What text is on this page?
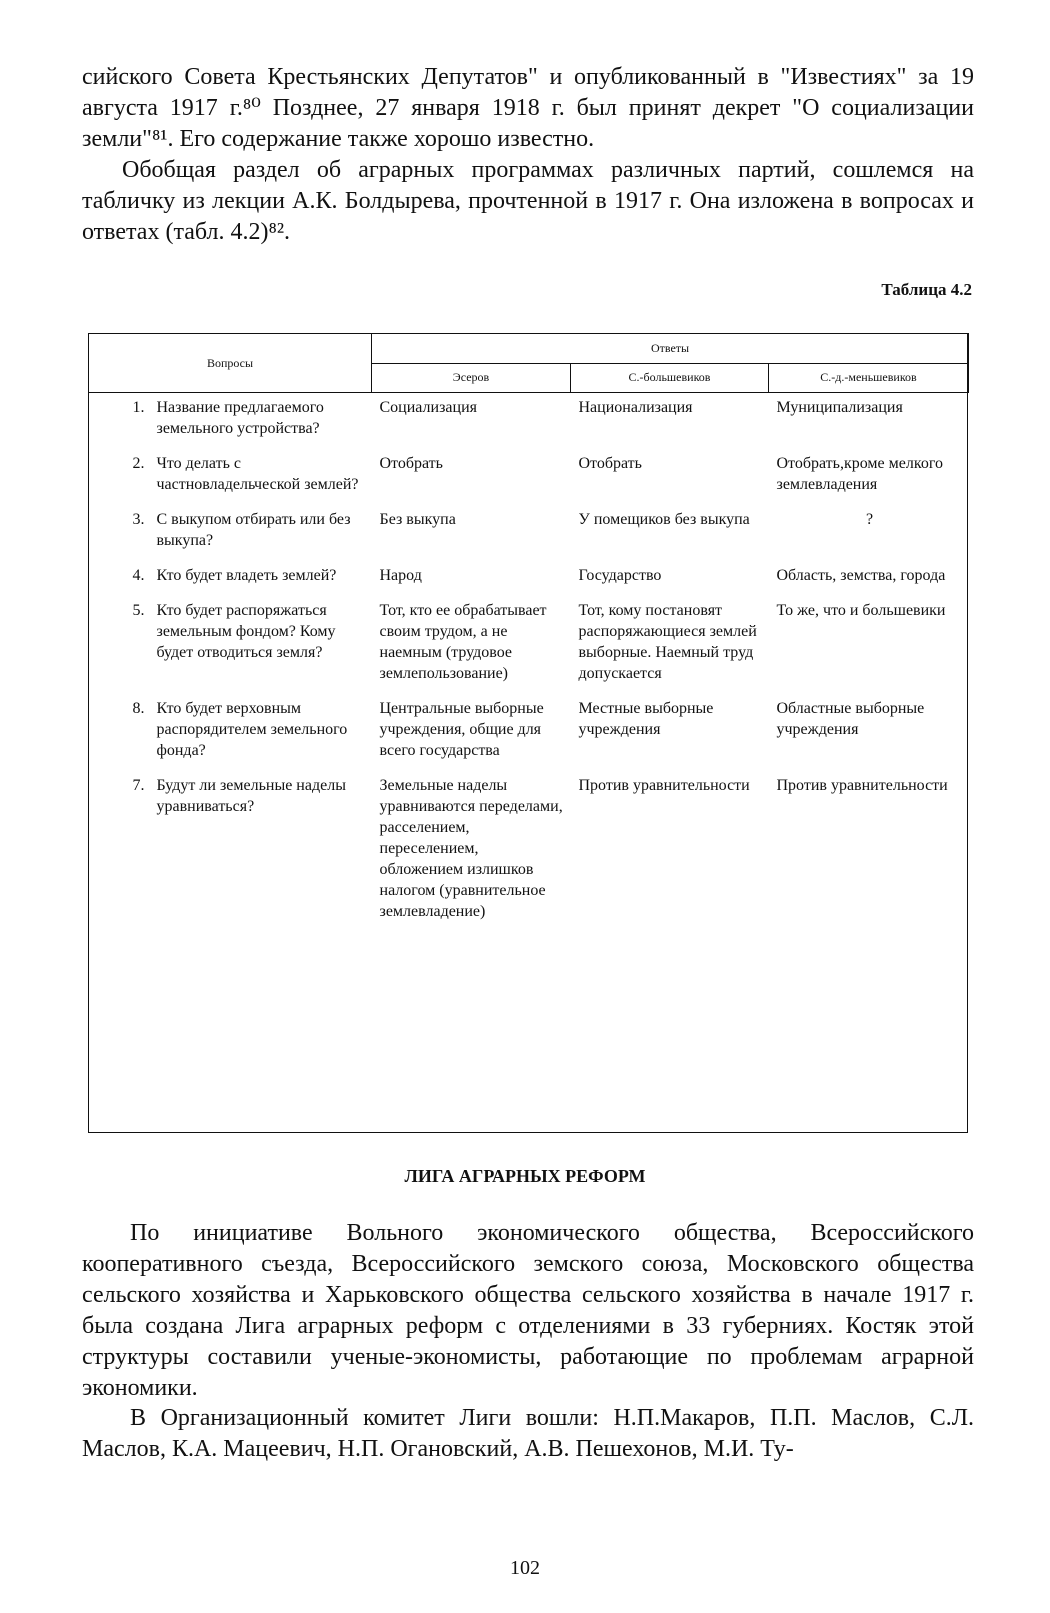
сийского Совета Крестьянских Депутатов" и опубликованный в "Известиях" за 19 августа 1917 г.⁸⁰ Позднее, 27 января 1918 г. был принят декрет "О социализации земли"⁸¹. Его содержание также хорошо известно.
Обобщая раздел об аграрных программах различных партий, сошлемся на табличку из лекции А.К. Болдырева, прочтенной в 1917 г. Она изложена в вопросах и ответах (табл. 4.2)⁸².
Таблица 4.2
Вопросы		Ответы		
		Эсеров	С.-большевиков	С.-д.-меньшевиков
1.	Название предлагаемого земельного устройства?	Социализация	Национализация	Муниципализация
2.	Что делать с частновладельческой землей?	Отобрать	Отобрать	Отобрать,кроме мелкого землевладения
3.	С выкупом отбирать или без выкупа?	Без выкупа	У помещиков без выкупа	?
4.	Кто будет владеть землей?	Народ	Государство	Область, земства, города
5.	Кто будет распоряжаться земельным фондом? Кому будет отводиться земля?	Тот, кто ее обрабатывает своим трудом, а не наемным (трудовое землепользование)	Тот, кому постановят распоряжающиеся землей выборные. Наемный труд допускается	То же, что и большевики
8.	Кто будет верховным распорядителем земельного фонда?	Центральные выборные учреждения, общие для всего государства	Местные выборные учреждения	Областные выборные учреждения
7.	Будут ли земельные наделы уравниваться?	Земельные наделы уравниваются переделами, расселением, переселением, обложением излишков налогом (уравнительное землевладение)	Против уравнительности	Против уравнительности
ЛИГА АГРАРНЫХ РЕФОРМ
По инициативе Вольного экономического общества, Всероссийского кооперативного съезда, Всероссийского земского союза, Московского общества сельского хозяйства и Харьковского общества сельского хозяйства в начале 1917 г. была создана Лига аграрных реформ с отделениями в 33 губерниях. Костяк этой структуры составили ученые-экономисты, работающие по проблемам аграрной экономики.
В Организационный комитет Лиги вошли: Н.П.Макаров, П.П. Маслов, С.Л. Маслов, К.А. Мацеевич, Н.П. Огановский, А.В. Пешехонов, М.И. Ту-
102
